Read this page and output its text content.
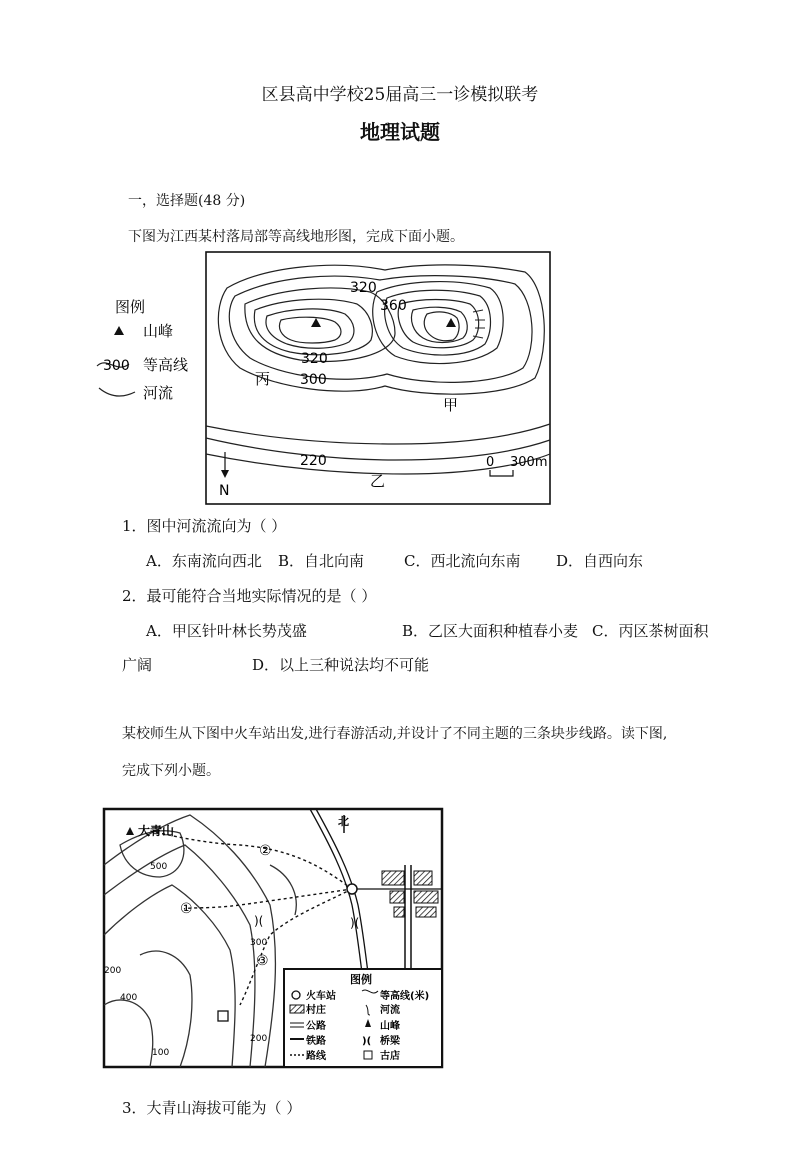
区县高中学校25届高三一诊模拟联考
地理试题
一，选择题(48 分)
下图为江西某村落局部等高线地形图，完成下面小题。
图例
山峰
300 等高线
河流
320
360
320
300
丙
甲
220
乙
N
0 300m
1．图中河流流向为（ ）
A．东南流向西北 B．自北向南	C．西北流向东南 D．自西向东
2．最可能符合当地实际情况的是（ ）
A．甲区针叶林长势茂盛	B．乙区大面积种植春小麦 C．丙区茶树面积
广阔	D．以上三种说法均不可能
某校师生从下图中火车站出发,进行春游活动,并设计了不同主题的三条块步线路。读下图,
完成下列小题。
)(
)(
大青山
北
②
①
③
500
300
400
200
100
200
图例
火车站	等高线(米)
村庄	河流
公路	山峰
铁路	)( 桥梁
路线	古店
3．大青山海拔可能为（ ）
